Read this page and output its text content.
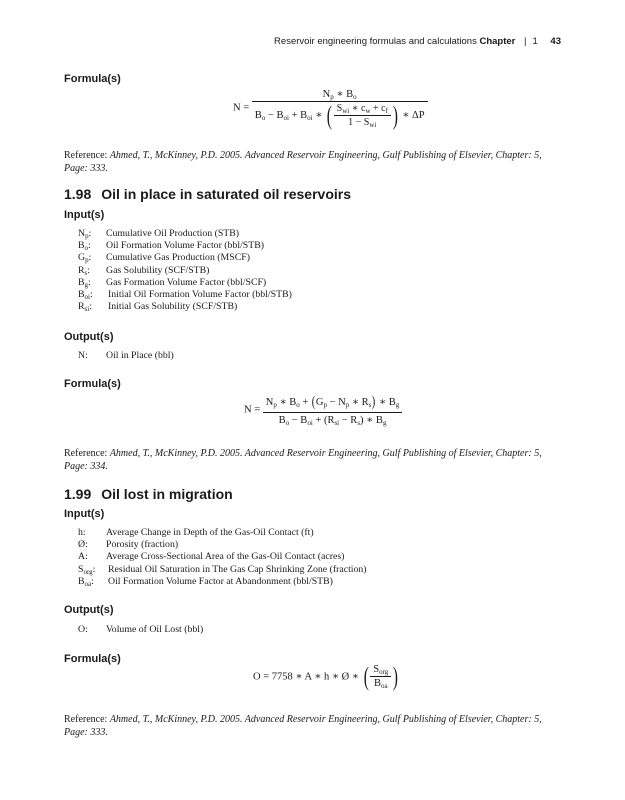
Reservoir engineering formulas and calculations Chapter | 1 43
Formula(s)
$N = \frac{N_p ∗ B_o}{B_o - B_{oi} + B_{oi} ∗ ( \frac{S_{wi} ∗ c_w + c_f}{1 - S_{wi}} ) ∗ \Delta P}$
Reference: Ahmed, T., McKinney, P.D. 2005. Advanced Reservoir Engineering, Gulf Publishing of Elsevier, Chapter: 5, Page: 333.
1.98 Oil in place in saturated oil reservoirs
Input(s)
$N_p$: Cumulative Oil Production (STB)
$B_o$: Oil Formation Volume Factor (bbl/STB)
$G_p$: Cumulative Gas Production (MSCF)
$R_s$: Gas Solubility (SCF/STB)
$B_g$: Gas Formation Volume Factor (bbl/SCF)
$B_{oi}$: Initial Oil Formation Volume Factor (bbl/STB)
$R_{si}$: Initial Gas Solubility (SCF/STB)
Output(s)
N: Oil in Place (bbl)
Formula(s)
$N = \frac{N_p ∗ B_o + (G_p - N_p ∗ R_s) ∗ B_g}{B_o - B_{oi} + (R_{si} - R_s) ∗ B_g}$
Reference: Ahmed, T., McKinney, P.D. 2005. Advanced Reservoir Engineering, Gulf Publishing of Elsevier, Chapter: 5, Page: 334.
1.99 Oil lost in migration
Input(s)
h: Average Change in Depth of the Gas-Oil Contact (ft)
Ø: Porosity (fraction)
A: Average Cross-Sectional Area of the Gas-Oil Contact (acres)
$S_{org}$: Residual Oil Saturation in The Gas Cap Shrinking Zone (fraction)
$B_{oa}$: Oil Formation Volume Factor at Abandonment (bbl/STB)
Output(s)
O: Volume of Oil Lost (bbl)
Formula(s)
O = 7758 ∗ A ∗ h ∗ Ø ∗ ( $\frac{S_{org}}{B_{oa}}$ )
Reference: Ahmed, T., McKinney, P.D. 2005. Advanced Reservoir Engineering, Gulf Publishing of Elsevier, Chapter: 5, Page: 333.
